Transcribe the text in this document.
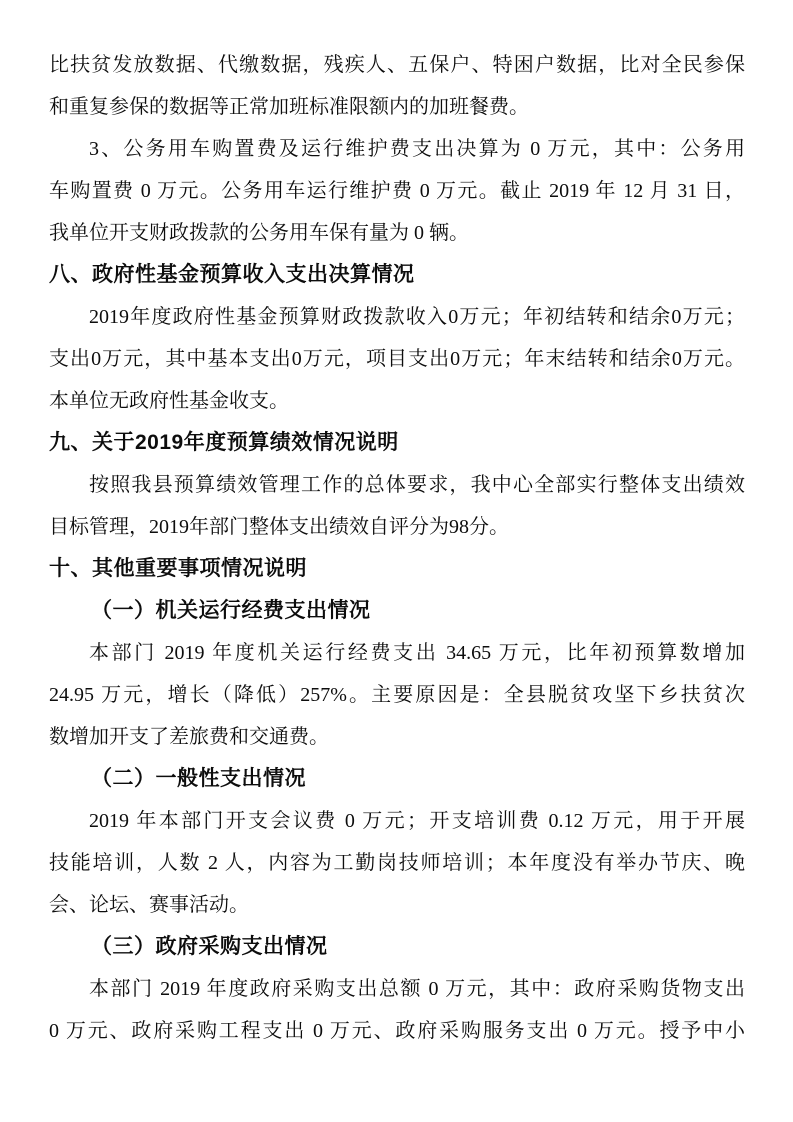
比扶贫发放数据、代缴数据，残疾人、五保户、特困户数据，比对全民参保
和重复参保的数据等正常加班标准限额内的加班餐费。
3、公务用车购置费及运行维护费支出决算为 0 万元，其中：公务用
车购置费 0 万元。公务用车运行维护费 0 万元。截止 2019 年 12 月 31 日，
我单位开支财政拨款的公务用车保有量为 0 辆。
八、政府性基金预算收入支出决算情况
2019年度政府性基金预算财政拨款收入0万元；年初结转和结余0万元；
支出0万元，其中基本支出0万元，项目支出0万元；年末结转和结余0万元。
本单位无政府性基金收支。
九、关于2019年度预算绩效情况说明
按照我县预算绩效管理工作的总体要求，我中心全部实行整体支出绩效
目标管理，2019年部门整体支出绩效自评分为98分。
十、其他重要事项情况说明
（一）机关运行经费支出情况
本部门 2019 年度机关运行经费支出 34.65 万元，比年初预算数增加
24.95 万元，增长（降低）257%。主要原因是：全县脱贫攻坚下乡扶贫次
数增加开支了差旅费和交通费。
（二）一般性支出情况
2019 年本部门开支会议费 0 万元；开支培训费 0.12 万元，用于开展
技能培训，人数 2 人，内容为工勤岗技师培训；本年度没有举办节庆、晚
会、论坛、赛事活动。
（三）政府采购支出情况
本部门 2019 年度政府采购支出总额 0 万元，其中：政府采购货物支出
0 万元、政府采购工程支出 0 万元、政府采购服务支出 0 万元。授予中小
